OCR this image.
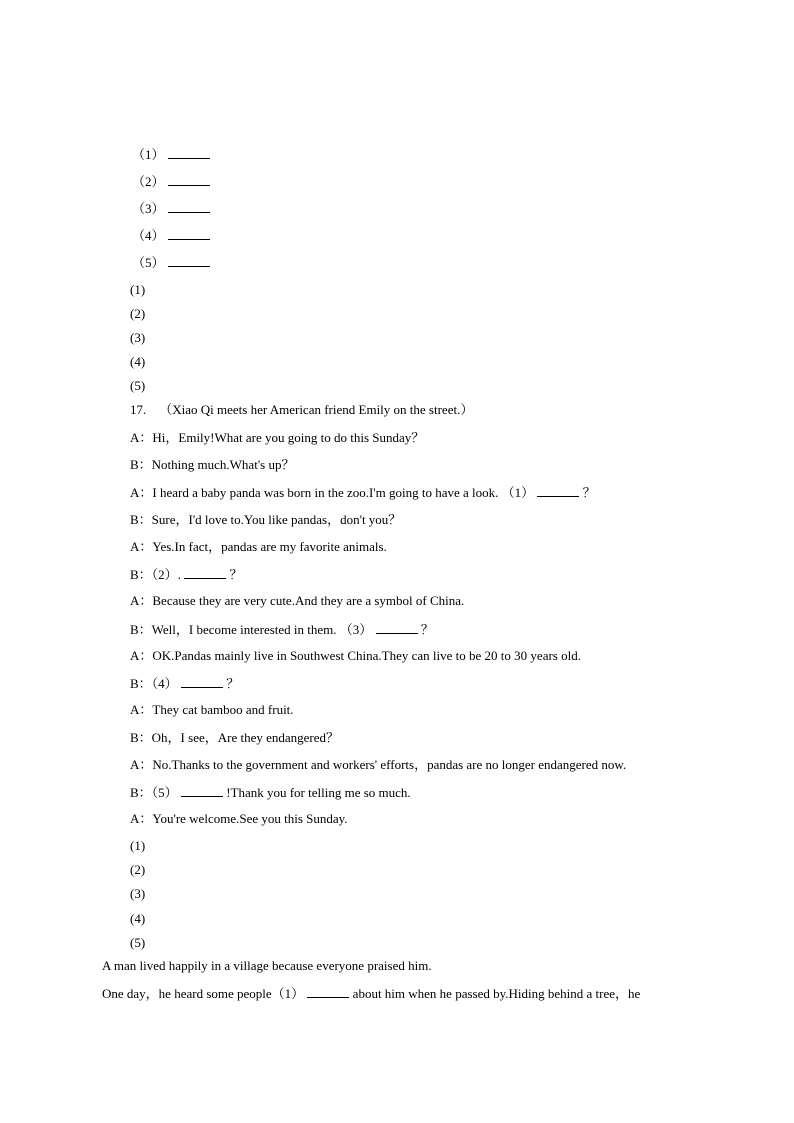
（1）
（2）
（3）
（4）
（5）
(1)
(2)
(3)
(4)
(5)
17. （Xiao Qi meets her American friend Emily on the street.）
A：Hi，Emily!What are you going to do this Sunday？
B：Nothing much.What's up？
A：I heard a baby panda was born in the zoo.I'm going to have a look. （1）	？
B：Sure，I'd love to.You like pandas，don't you？
A：Yes.In fact，pandas are my favorite animals.
B：（2）.	？
A：Because they are very cute.And they are a symbol of China.
B：Well，I become interested in them. （3）	？
A：OK.Pandas mainly live in Southwest China.They can live to be 20 to 30 years old.
B：（4）	？
A：They cat bamboo and fruit.
B：Oh，I see，Are they endangered？
A：No.Thanks to the government and workers' efforts，pandas are no longer endangered now.
B：（5）	!Thank you for telling me so much.
A：You're welcome.See you this Sunday.
(1)
(2)
(3)
(4)
(5)
A man lived happily in a village because everyone praised him.
One day，he heard some people（1）	about him when he passed by.Hiding behind a tree，he
